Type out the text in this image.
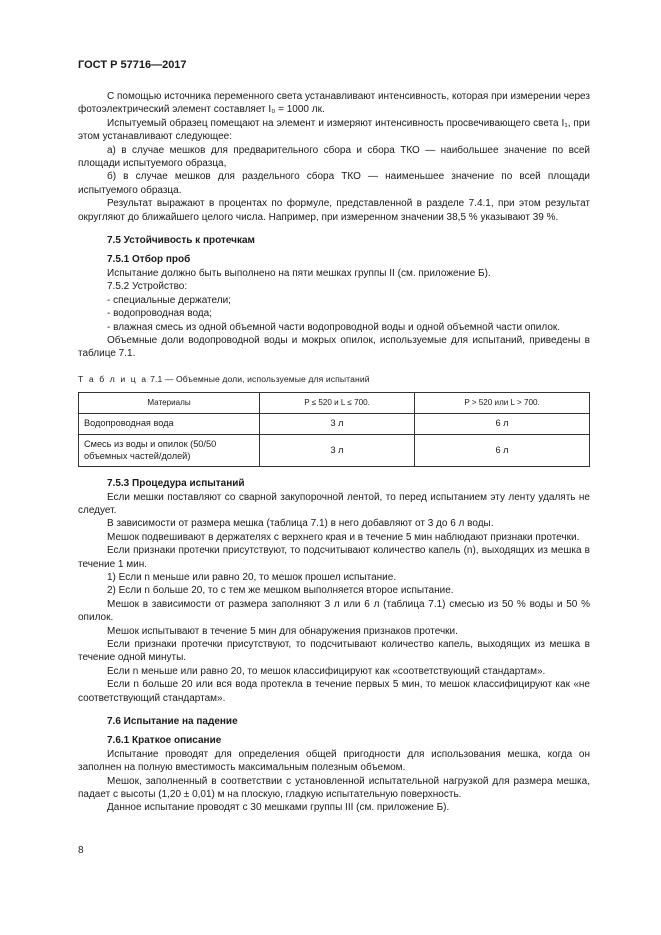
ГОСТ Р 57716—2017

С помощью источника переменного света устанавливают интенсивность, которая при измерении через фотоэлектрический элемент составляет I₀ = 1000 лк.

Испытуемый образец помещают на элемент и измеряют интенсивность просвечивающего света I₁, при этом устанавливают следующее:

а) в случае мешков для предварительного сбора и сбора ТКО — наибольшее значение по всей площади испытуемого образца,

б) в случае мешков для раздельного сбора ТКО — наименьшее значение по всей площади испытуемого образца.

Результат выражают в процентах по формуле, представленной в разделе 7.4.1, при этом результат округляют до ближайшего целого числа. Например, при измеренном значении 38,5 % указывают 39 %.

7.5 Устойчивость к протечкам

7.5.1 Отбор проб

Испытание должно быть выполнено на пяти мешках группы II (см. приложение Б).

7.5.2 Устройство:

- специальные держатели;

- водопроводная вода;

- влажная смесь из одной объемной части водопроводной воды и одной объемной части опилок.

Объемные доли водопроводной воды и мокрых опилок, используемые для испытаний, приведены в таблице 7.1.

Т а б л и ц а 7.1 — Объемные доли, используемые для испытаний

Материалы	P ≤ 520 и L ≤ 700.	P > 520 или L > 700.
Водопроводная вода	3 л	6 л
Смесь из воды и опилок (50/50 объемных частей/долей)	3 л	6 л

7.5.3 Процедура испытаний

Если мешки поставляют со сварной закупорочной лентой, то перед испытанием эту ленту удалять не следует.

В зависимости от размера мешка (таблица 7.1) в него добавляют от 3 до 6 л воды.

Мешок подвешивают в держателях с верхнего края и в течение 5 мин наблюдают признаки протечки.

Если признаки протечки присутствуют, то подсчитывают количество капель (n), выходящих из мешка в течение 1 мин.

1) Если n меньше или равно 20, то мешок прошел испытание.

2) Если n больше 20, то с тем же мешком выполняется второе испытание.

Мешок в зависимости от размера заполняют 3 л или 6 л (таблица 7.1) смесью из 50 % воды и 50 % опилок.

Мешок испытывают в течение 5 мин для обнаружения признаков протечки.

Если признаки протечки присутствуют, то подсчитывают количество капель, выходящих из мешка в течение одной минуты.

Если n меньше или равно 20, то мешок классифицируют как «соответствующий стандартам».

Если n больше 20 или вся вода протекла в течение первых 5 мин, то мешок классифицируют как «не соответствующий стандартам».

7.6 Испытание на падение

7.6.1 Краткое описание

Испытание проводят для определения общей пригодности для использования мешка, когда он заполнен на полную вместимость максимальным полезным объемом.

Мешок, заполненный в соответствии с установленной испытательной нагрузкой для размера мешка, падает с высоты (1,20 ± 0,01) м на плоскую, гладкую испытательную поверхность.

Данное испытание проводят с 30 мешками группы III (см. приложение Б).

8
